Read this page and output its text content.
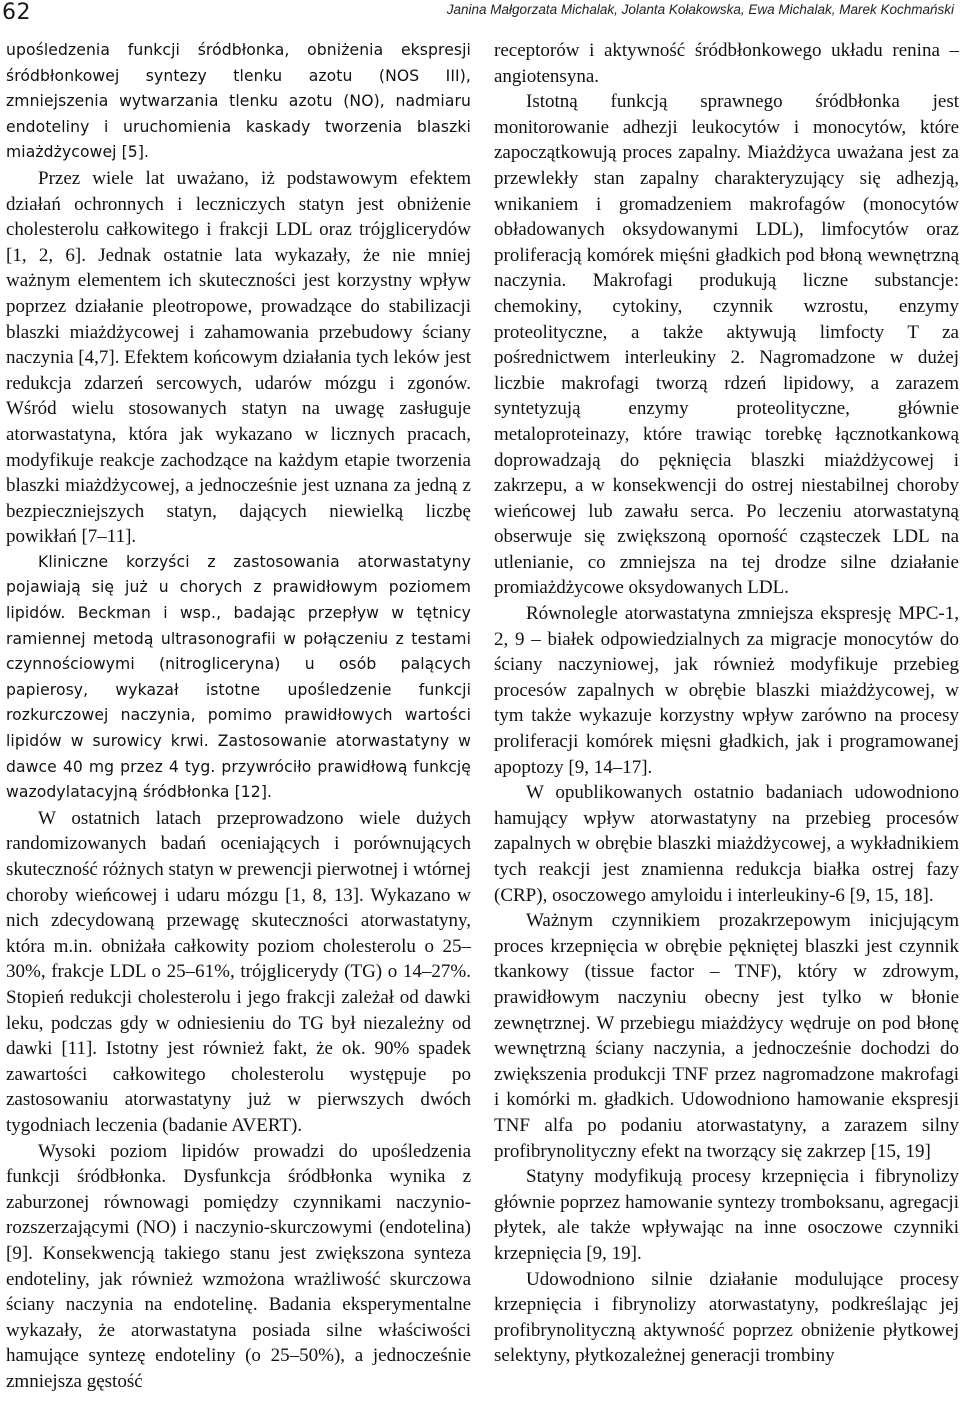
62	Janina Małgorzata Michalak, Jolanta Kołakowska, Ewa Michalak, Marek Kochmański

upośledzenia funkcji śródbłonka, obniżenia ekspresji śródbłonkowej syntezy tlenku azotu (NOS III), zmniejszenia wytwarzania tlenku azotu (NO), nadmiaru endoteliny i uruchomienia kaskady tworzenia blaszki miażdżycowej [5].

Przez wiele lat uważano, iż podstawowym efektem działań ochronnych i leczniczych statyn jest obniżenie cholesterolu całkowitego i frakcji LDL oraz trójglicerydów [1, 2, 6]. Jednak ostatnie lata wykazały, że nie mniej ważnym elementem ich skuteczności jest korzystny wpływ poprzez działanie pleotropowe, prowadzące do stabilizacji blaszki miażdżycowej i zahamowania przebudowy ściany naczynia [4,7]. Efektem końcowym działania tych leków jest redukcja zdarzeń sercowych, udarów mózgu i zgonów. Wśród wielu stosowanych statyn na uwagę zasługuje atorwastatyna, która jak wykazano w licznych pracach, modyfikuje reakcje zachodzące na każdym etapie tworzenia blaszki miażdżycowej, a jednocześnie jest uznana za jedną z bezpieczniejszych statyn, dających niewielką liczbę powikłań [7–11].

Kliniczne korzyści z zastosowania atorwastatyny pojawiają się już u chorych z prawidłowym poziomem lipidów. Beckman i wsp., badając przepływ w tętnicy ramiennej metodą ultrasonografii w połączeniu z testami czynnościowymi (nitrogliceryna) u osób palących papierosy, wykazał istotne upośledzenie funkcji rozkurczowej naczynia, pomimo prawidłowych wartości lipidów w surowicy krwi. Zastosowanie atorwastatyny w dawce 40 mg przez 4 tyg. przywróciło prawidłową funkcję wazodylatacyjną śródbłonka [12].

W ostatnich latach przeprowadzono wiele dużych randomizowanych badań oceniających i porównujących skuteczność różnych statyn w prewencji pierwotnej i wtórnej choroby wieńcowej i udaru mózgu [1, 8, 13]. Wykazano w nich zdecydowaną przewagę skuteczności atorwastatyny, która m.in. obniżała całkowity poziom cholesterolu o 25–30%, frakcje LDL o 25–61%, trójglicerydy (TG) o 14–27%. Stopień redukcji cholesterolu i jego frakcji zależał od dawki leku, podczas gdy w odniesieniu do TG był niezależny od dawki [11]. Istotny jest również fakt, że ok. 90% spadek zawartości całkowitego cholesterolu występuje po zastosowaniu atorwastatyny już w pierwszych dwóch tygodniach leczenia (badanie AVERT).

Wysoki poziom lipidów prowadzi do upośledzenia funkcji śródbłonka. Dysfunkcja śródbłonka wynika z zaburzonej równowagi pomiędzy czynnikami naczynio-rozszerzającymi (NO) i naczynio-skurczowymi (endotelina) [9]. Konsekwencją takiego stanu jest zwiększona synteza endoteliny, jak również wzmożona wrażliwość skurczowa ściany naczynia na endotelinę. Badania eksperymentalne wykazały, że atorwastatyna posiada silne właściwości hamujące syntezę endoteliny (o 25–50%), a jednocześnie zmniejsza gęstość

receptorów i aktywność śródbłonkowego układu renina – angiotensyna.

Istotną funkcją sprawnego śródbłonka jest monitorowanie adhezji leukocytów i monocytów, które zapoczątkowują proces zapalny. Miażdżyca uważana jest za przewlekły stan zapalny charakteryzujący się adhezją, wnikaniem i gromadzeniem makrofagów (monocytów obładowanych oksydowanymi LDL), limfocytów oraz proliferacją komórek mięśni gładkich pod błoną wewnętrzną naczynia. Makrofagi produkują liczne substancje: chemokiny, cytokiny, czynnik wzrostu, enzymy proteolityczne, a także aktywują limfocty T za pośrednictwem interleukiny 2. Nagromadzone w dużej liczbie makrofagi tworzą rdzeń lipidowy, a zarazem syntetyzują enzymy proteolityczne, głównie metaloproteinazy, które trawiąc torebkę łącznotkankową doprowadzają do pęknięcia blaszki miażdżycowej i zakrzepu, a w konsekwencji do ostrej niestabilnej choroby wieńcowej lub zawału serca. Po leczeniu atorwastatyną obserwuje się zwiększoną oporność cząsteczek LDL na utlenianie, co zmniejsza na tej drodze silne działanie promiażdżycowe oksydowanych LDL.

Równolegle atorwastatyna zmniejsza ekspresję MPC-1, 2, 9 – białek odpowiedzialnych za migracje monocytów do ściany naczyniowej, jak również modyfikuje przebieg procesów zapalnych w obrębie blaszki miażdżycowej, w tym także wykazuje korzystny wpływ zarówno na procesy proliferacji komórek mięsni gładkich, jak i programowanej apoptozy [9, 14–17].

W opublikowanych ostatnio badaniach udowodniono hamujący wpływ atorwastatyny na przebieg procesów zapalnych w obrębie blaszki miażdżycowej, a wykładnikiem tych reakcji jest znamienna redukcja białka ostrej fazy (CRP), osoczowego amyloidu i interleukiny-6 [9, 15, 18].

Ważnym czynnikiem prozakrzepowym inicjującym proces krzepnięcia w obrębie pękniętej blaszki jest czynnik tkankowy (tissue factor – TNF), który w zdrowym, prawidłowym naczyniu obecny jest tylko w błonie zewnętrznej. W przebiegu miażdżycy wędruje on pod błonę wewnętrzną ściany naczynia, a jednocześnie dochodzi do zwiększenia produkcji TNF przez nagromadzone makrofagi i komórki m. gładkich. Udowodniono hamowanie ekspresji TNF alfa po podaniu atorwastatyny, a zarazem silny profibrynolityczny efekt na tworzący się zakrzep [15, 19]

Statyny modyfikują procesy krzepnięcia i fibrynolizy głównie poprzez hamowanie syntezy tromboksanu, agregacji płytek, ale także wpływając na inne osoczowe czynniki krzepnięcia [9, 19].

Udowodniono silnie działanie modulujące procesy krzepnięcia i fibrynolizy atorwastatyny, podkreślając jej profibrynolityczną aktywność poprzez obniżenie płytkowej selektyny, płytkozależnej generacji trombiny
